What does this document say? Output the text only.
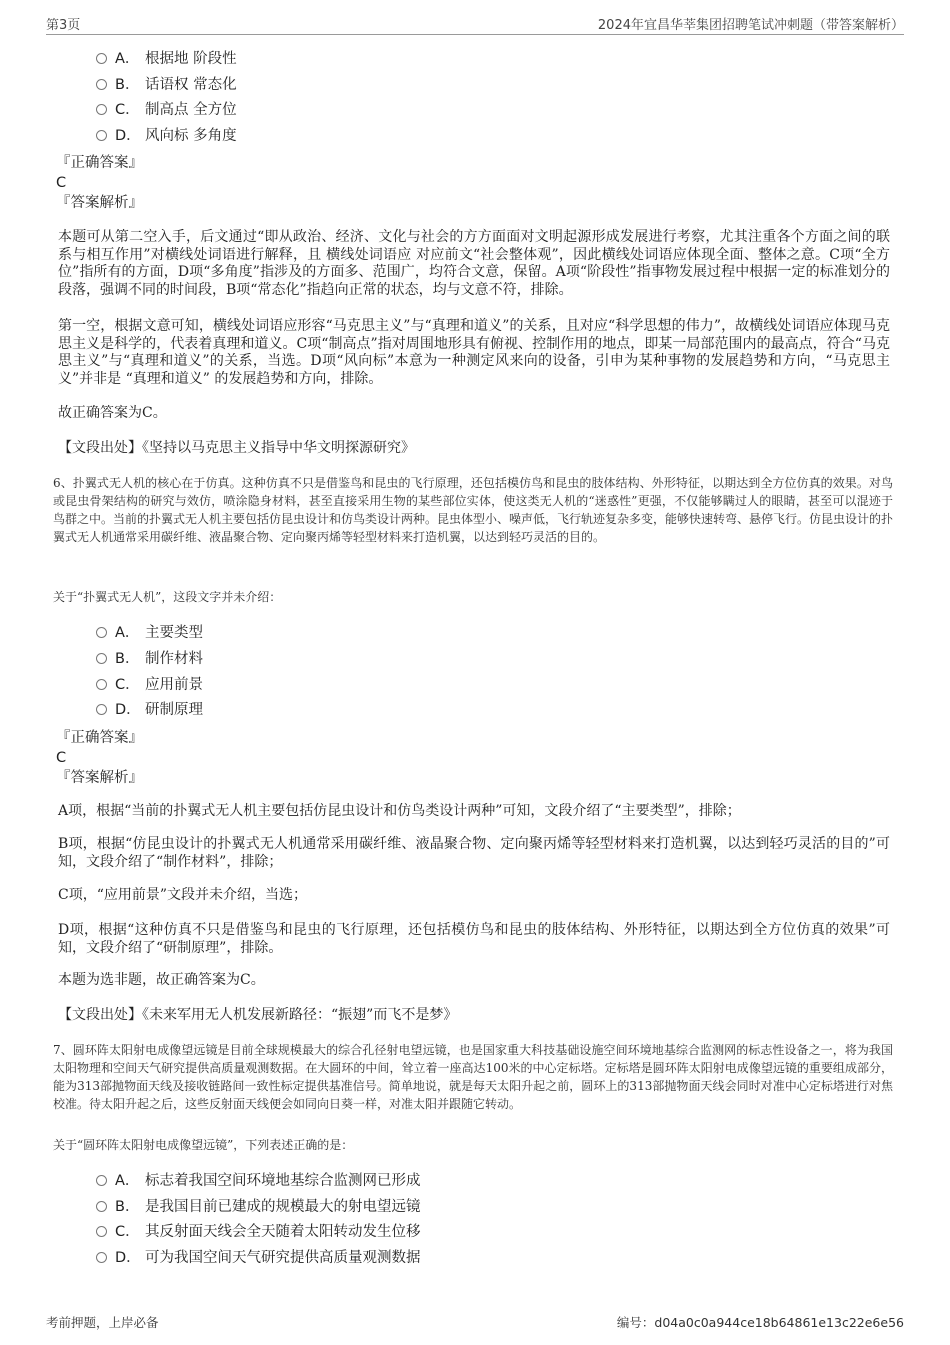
第3页	2024年宜昌华莘集团招聘笔试冲刺题（带答案解析）
A． 根据地 阶段性
B． 话语权 常态化
C． 制高点 全方位
D． 风向标 多角度
『正确答案』
C
『答案解析』
本题可从第二空入手，后文通过“即从政治、经济、文化与社会的方方面面对文明起源形成发展进行考察，尤其注重各个方面之间的联系与相互作用”对横线处词语进行解释，且 横线处词语应 对应前文“社会整体观”，因此横线处词语应体现全面、整体之意。C项“全方位”指所有的方面，D项“多角度”指涉及的方面多、范围广，均符合文意，保留。A项“阶段性”指事物发展过程中根据一定的标准划分的段落，强调不同的时间段，B项“常态化”指趋向正常的状态，均与文意不符，排除。
第一空，根据文意可知，横线处词语应形容“马克思主义”与“真理和道义”的关系，且对应“科学思想的伟力”，故横线处词语应体现马克思主义是科学的，代表着真理和道义。C项“制高点”指对周围地形具有俯视、控制作用的地点，即某一局部范围内的最高点，符合“马克思主义”与“真理和道义”的关系，当选。D项“风向标”本意为一种测定风来向的设备，引申为某种事物的发展趋势和方向，“马克思主义”并非是 “真理和道义” 的发展趋势和方向，排除。
故正确答案为C。
【文段出处】《坚持以马克思主义指导中华文明探源研究》
6、扑翼式无人机的核心在于仿真。这种仿真不只是借鉴鸟和昆虫的飞行原理，还包括模仿鸟和昆虫的肢体结构、外形特征，以期达到全方位仿真的效果。对鸟或昆虫骨架结构的研究与效仿，喷涂隐身材料，甚至直接采用生物的某些部位实体，使这类无人机的“迷惑性”更强，不仅能够瞒过人的眼睛，甚至可以混迹于鸟群之中。当前的扑翼式无人机主要包括仿昆虫设计和仿鸟类设计两种。昆虫体型小、噪声低，飞行轨迹复杂多变，能够快速转弯、悬停飞行。仿昆虫设计的扑翼式无人机通常采用碳纤维、液晶聚合物、定向聚丙烯等轻型材料来打造机翼，以达到轻巧灵活的目的。
关于“扑翼式无人机”，这段文字并未介绍：
A． 主要类型
B． 制作材料
C． 应用前景
D． 研制原理
『正确答案』
C
『答案解析』
A项，根据“当前的扑翼式无人机主要包括仿昆虫设计和仿鸟类设计两种”可知，文段介绍了“主要类型”，排除；
B项，根据“仿昆虫设计的扑翼式无人机通常采用碳纤维、液晶聚合物、定向聚丙烯等轻型材料来打造机翼，以达到轻巧灵活的目的”可知，文段介绍了“制作材料”，排除；
C项，“应用前景”文段并未介绍，当选；
D项，根据“这种仿真不只是借鉴鸟和昆虫的飞行原理，还包括模仿鸟和昆虫的肢体结构、外形特征，以期达到全方位仿真的效果”可知，文段介绍了“研制原理”，排除。
本题为选非题，故正确答案为C。
【文段出处】《未来军用无人机发展新路径：“振翅”而飞不是梦》
7、圆环阵太阳射电成像望远镜是目前全球规模最大的综合孔径射电望远镜，也是国家重大科技基础设施空间环境地基综合监测网的标志性设备之一，将为我国太阳物理和空间天气研究提供高质量观测数据。在大圆环的中间，耸立着一座高达100米的中心定标塔。定标塔是圆环阵太阳射电成像望远镜的重要组成部分，能为313部抛物面天线及接收链路间一致性标定提供基准信号。简单地说，就是每天太阳升起之前，圆环上的313部抛物面天线会同时对准中心定标塔进行对焦校准。待太阳升起之后，这些反射面天线便会如同向日葵一样，对准太阳并跟随它转动。
关于“圆环阵太阳射电成像望远镜”，下列表述正确的是：
A． 标志着我国空间环境地基综合监测网已形成
B． 是我国目前已建成的规模最大的射电望远镜
C． 其反射面天线会全天随着太阳转动发生位移
D． 可为我国空间天气研究提供高质量观测数据
考前押题，上岸必备	编号：d04a0c0a944ce18b64861e13c22e6e56
